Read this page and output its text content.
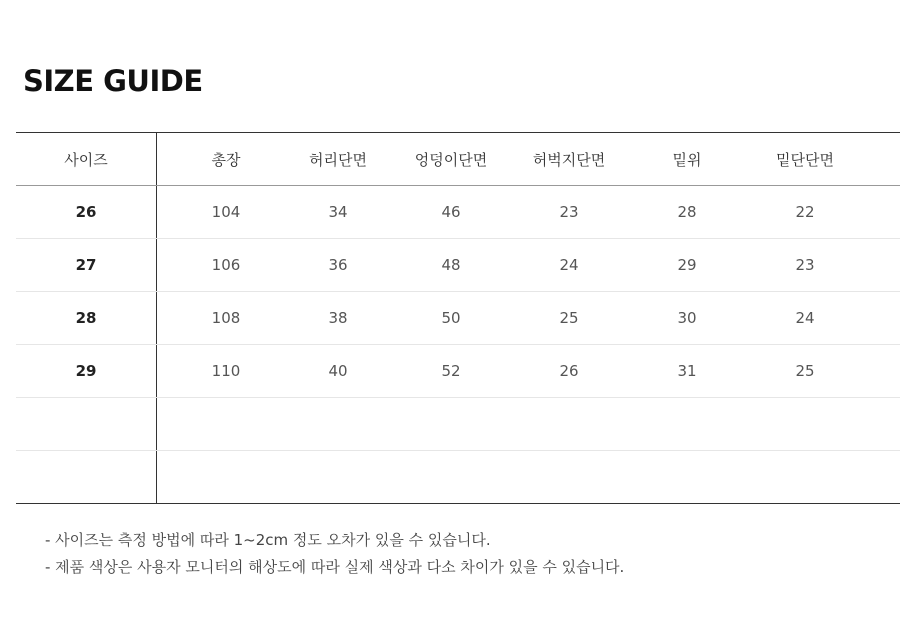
SIZE GUIDE
사이즈	총장	허리단면	엉덩이단면	허벅지단면	밑위	밑단단면
26	104	34	46	23	28	22
27	106	36	48	24	29	23
28	108	38	50	25	30	24
29	110	40	52	26	31	25
- 사이즈는 측정 방법에 따라 1~2cm 정도 오차가 있을 수 있습니다.
- 제품 색상은 사용자 모니터의 해상도에 따라 실제 색상과 다소 차이가 있을 수 있습니다.
